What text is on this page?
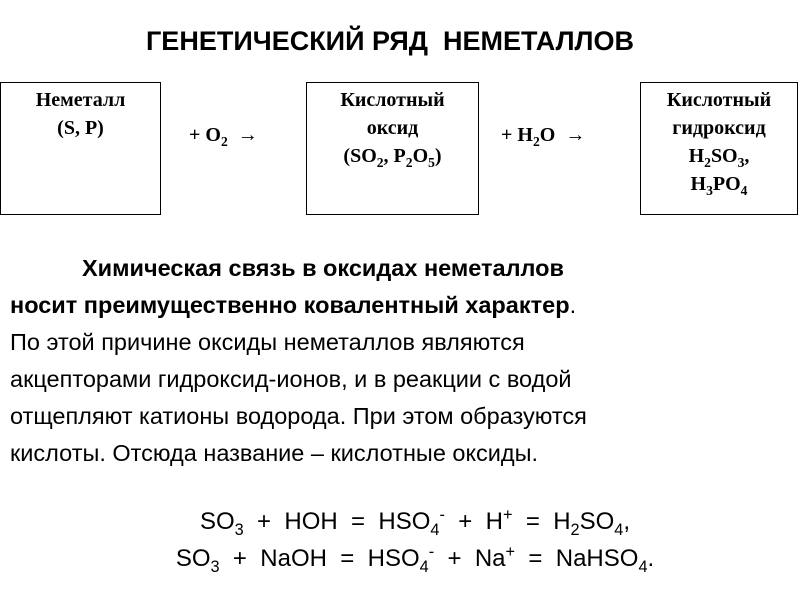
ГЕНЕТИЧЕСКИЙ РЯД  НЕМЕТАЛЛОВ
Неметалл
(S, P)	+ $O_2$ →
Кислотный
оксид
($SO_2$, $P_2O_5$)
+ $H_2O$ →
Кислотный
гидроксид
$H_2SO_3$,
$H_3PO_4$
Химическая связь в оксидах неметаллов
носит преимущественно ковалентный характер.
По этой причине оксиды неметаллов являются
акцепторами гидроксид-ионов, и в реакции с водой
отщепляют катионы водорода. При этом образуются
кислоты. Отсюда название – кислотные оксиды.
$SO_3$  +  HOH  =  $HSO_4^- + H^+ = H_2SO_4$,
$SO_3$  +  NaOH  =  $HSO_4^- + Na^+$  =  NaHSO$_4$.
